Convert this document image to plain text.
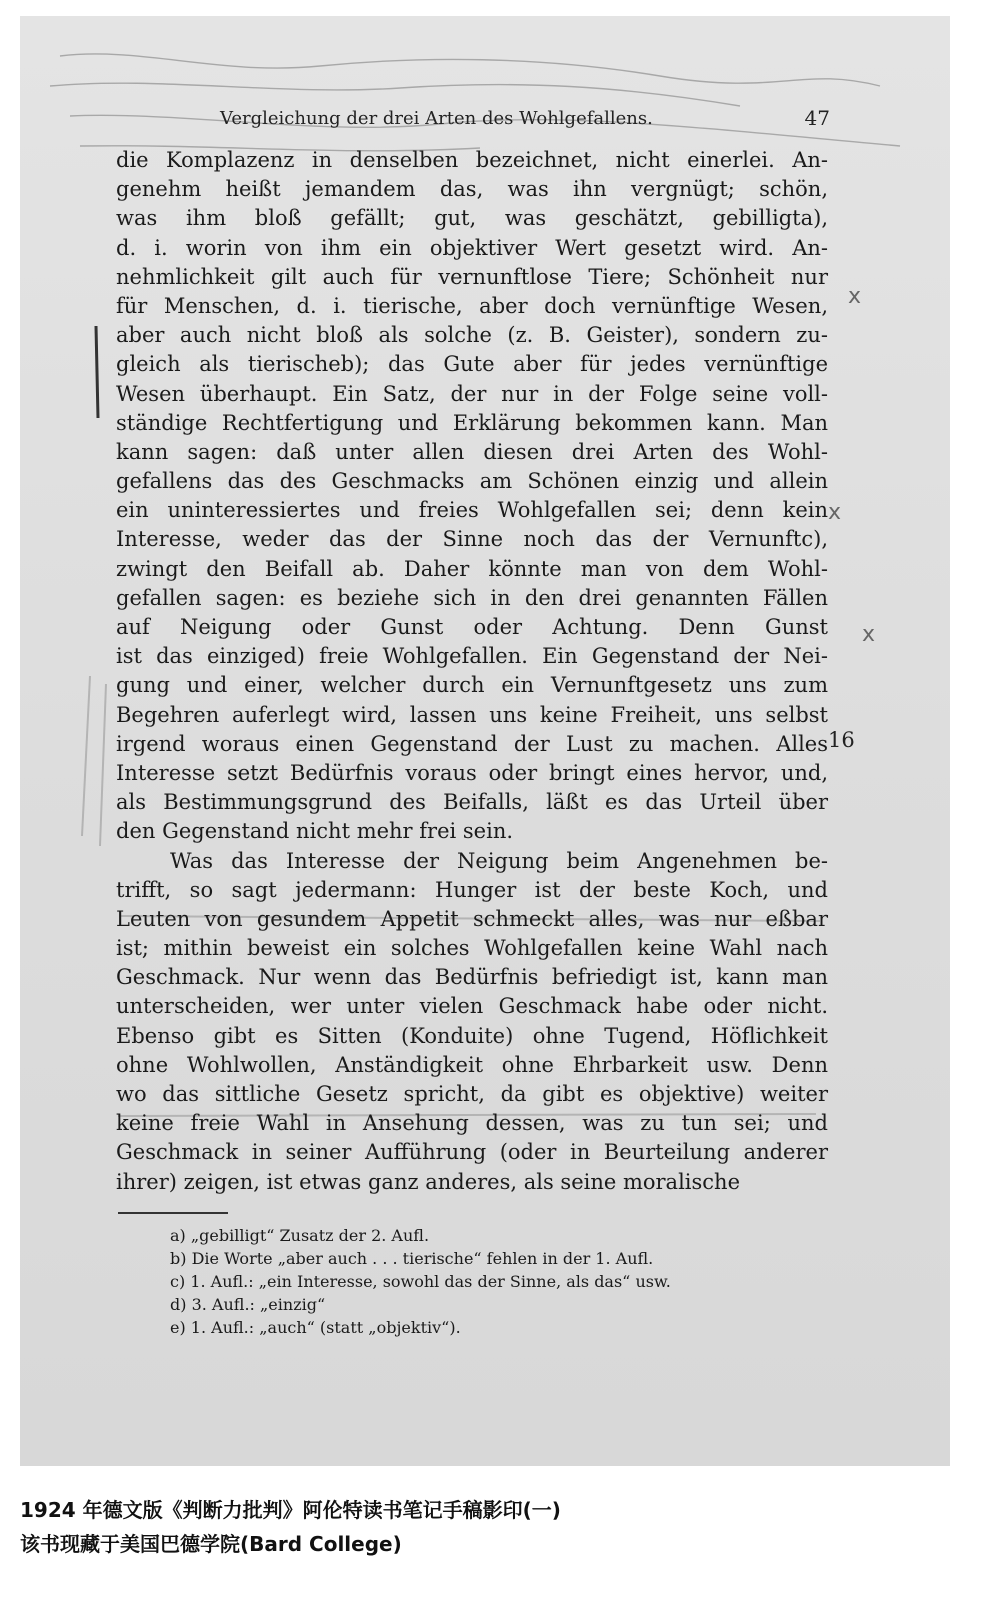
Vergleichung der drei Arten des Wohlgefallens.	47
die Komplazenz in denselben bezeichnet, nicht einerlei. An-
genehm heißt jemandem das, was ihn vergnügt; schön,
was ihm bloß gefällt; gut, was geschätzt, gebilligta),
d. i. worin von ihm ein objektiver Wert gesetzt wird. An-
nehmlichkeit gilt auch für vernunftlose Tiere; Schönheit nur
für Menschen, d. i. tierische, aber doch vernünftige Wesen,
aber auch nicht bloß als solche (z. B. Geister), sondern zu-
gleich als tierischeb); das Gute aber für jedes vernünftige
Wesen überhaupt. Ein Satz, der nur in der Folge seine voll-
ständige Rechtfertigung und Erklärung bekommen kann. Man
kann sagen: daß unter allen diesen drei Arten des Wohl-
gefallens das des Geschmacks am Schönen einzig und allein
ein uninteressiertes und freies Wohlgefallen sei; denn kein
Interesse, weder das der Sinne noch das der Vernunftc),
zwingt den Beifall ab. Daher könnte man von dem Wohl-
gefallen sagen: es beziehe sich in den drei genannten Fällen
auf Neigung oder Gunst oder Achtung. Denn Gunst
ist das einziged) freie Wohlgefallen. Ein Gegenstand der Nei-
gung und einer, welcher durch ein Vernunftgesetz uns zum
Begehren auferlegt wird, lassen uns keine Freiheit, uns selbst
irgend woraus einen Gegenstand der Lust zu machen. Alles
Interesse setzt Bedürfnis voraus oder bringt eines hervor, und,
als Bestimmungsgrund des Beifalls, läßt es das Urteil über
den Gegenstand nicht mehr frei sein.
Was das Interesse der Neigung beim Angenehmen be-
trifft, so sagt jedermann: Hunger ist der beste Koch, und
Leuten von gesundem Appetit schmeckt alles, was nur eßbar
ist; mithin beweist ein solches Wohlgefallen keine Wahl nach
Geschmack. Nur wenn das Bedürfnis befriedigt ist, kann man
unterscheiden, wer unter vielen Geschmack habe oder nicht.
Ebenso gibt es Sitten (Konduite) ohne Tugend, Höflichkeit
ohne Wohlwollen, Anständigkeit ohne Ehrbarkeit usw. Denn
wo das sittliche Gesetz spricht, da gibt es objektive) weiter
keine freie Wahl in Ansehung dessen, was zu tun sei; und
Geschmack in seiner Aufführung (oder in Beurteilung anderer
ihrer) zeigen, ist etwas ganz anderes, als seine moralische
16
x
x
x
a) „gebilligt“ Zusatz der 2. Aufl.
b) Die Worte „aber auch . . . tierische“ fehlen in der 1. Aufl.
c) 1. Aufl.: „ein Interesse, sowohl das der Sinne, als das“ usw.
d) 3. Aufl.: „einzig“
e) 1. Aufl.: „auch“ (statt „objektiv“).
1924 年德文版《判断力批判》阿伦特读书笔记手稿影印(一)
该书现藏于美国巴德学院(Bard College)
